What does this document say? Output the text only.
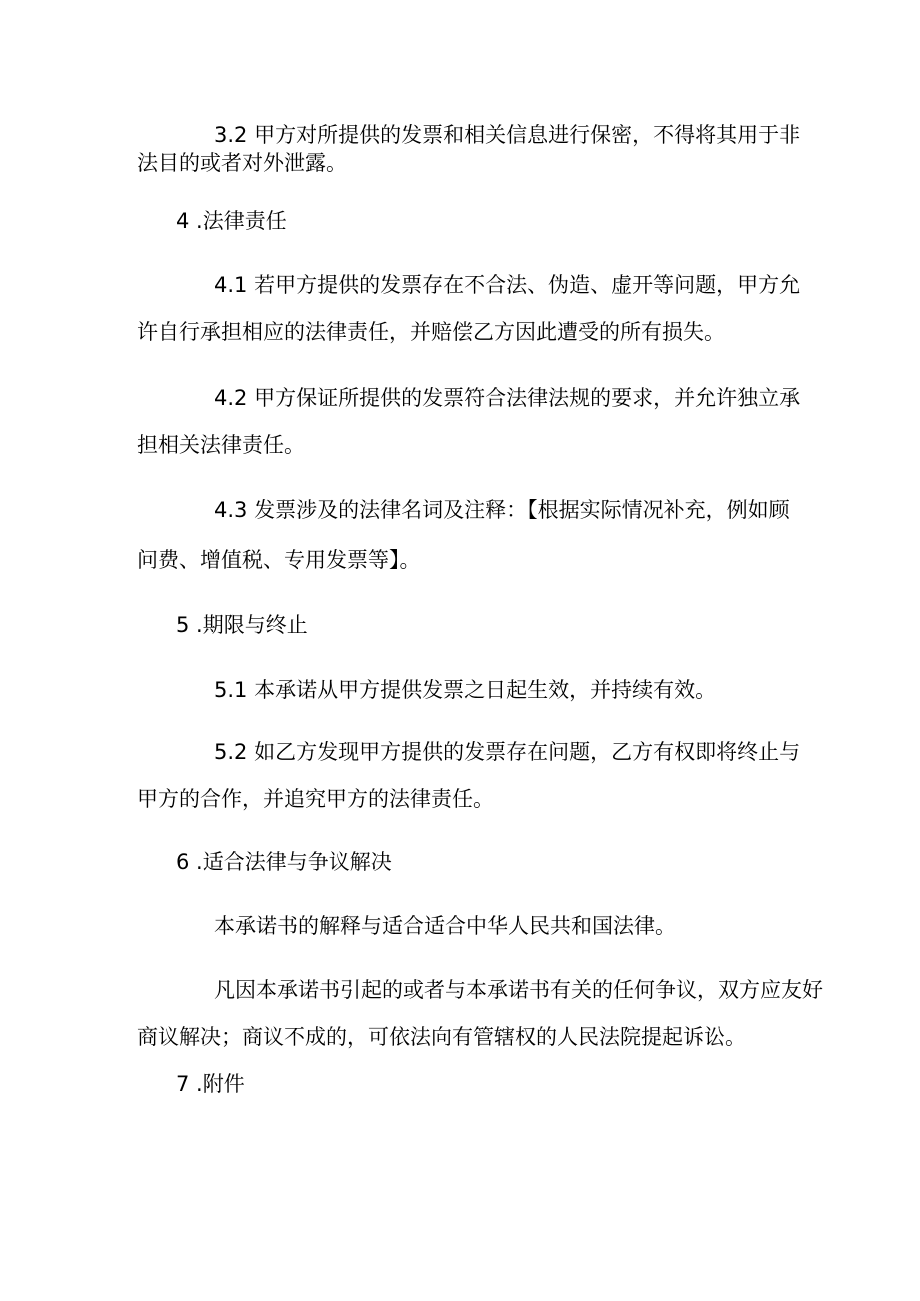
3.2 甲方对所提供的发票和相关信息进行保密，不得将其用于非
法目的或者对外泄露。
4 .法律责任
4.1 若甲方提供的发票存在不合法、伪造、虚开等问题，甲方允
许自行承担相应的法律责任，并赔偿乙方因此遭受的所有损失。
4.2 甲方保证所提供的发票符合法律法规的要求，并允许独立承
担相关法律责任。
4.3 发票涉及的法律名词及注释：【根据实际情况补充，例如顾
问费、增值税、专用发票等】。
5 .期限与终止
5.1 本承诺从甲方提供发票之日起生效，并持续有效。
5.2 如乙方发现甲方提供的发票存在问题，乙方有权即将终止与
甲方的合作，并追究甲方的法律责任。
6 .适合法律与争议解决
本承诺书的解释与适合适合中华人民共和国法律。
凡因本承诺书引起的或者与本承诺书有关的任何争议，双方应友好
商议解决；商议不成的，可依法向有管辖权的人民法院提起诉讼。
7 .附件
